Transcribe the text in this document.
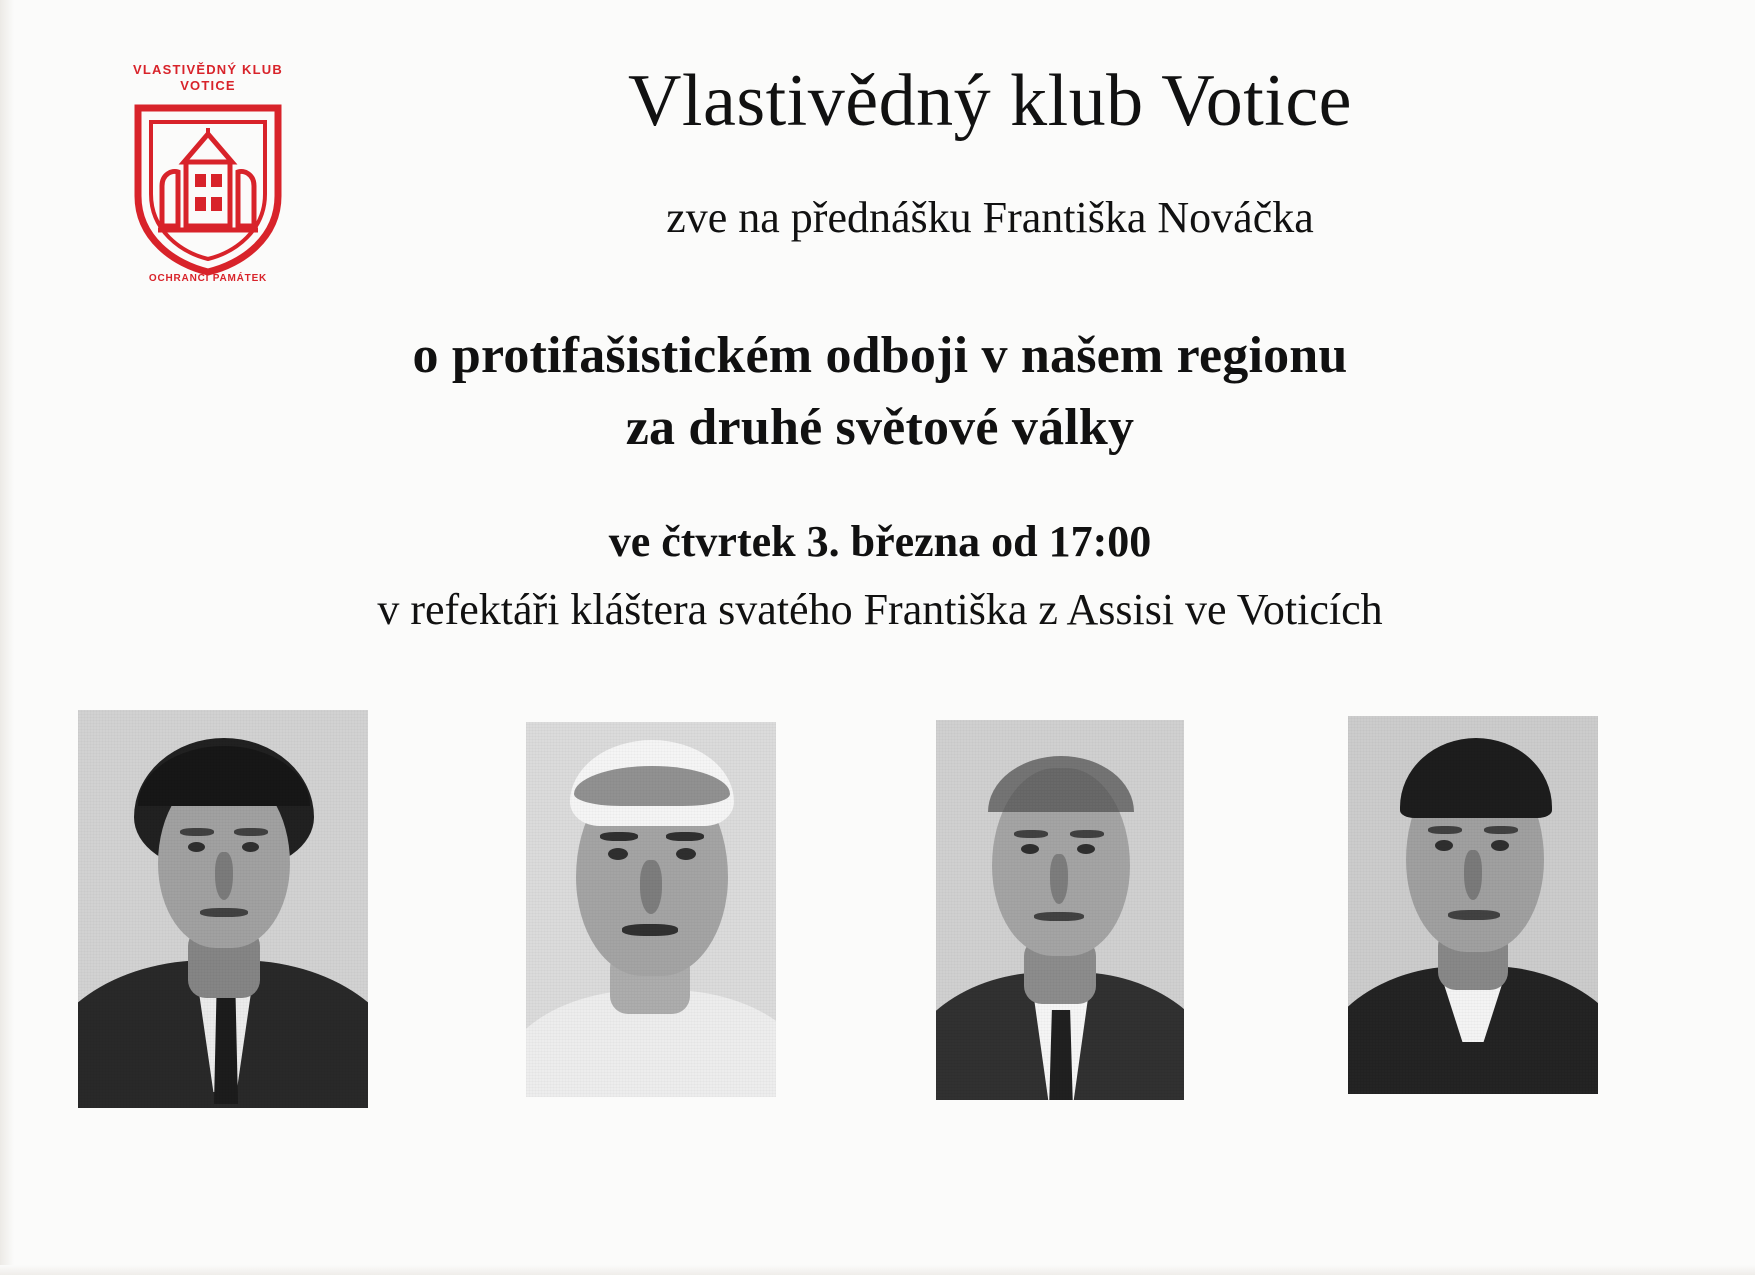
VLASTIVĚDNÝ KLUB VOTICE
OCHRANCI PAMÁTEK
Vlastivědný klub Votice
zve na přednášku Františka Nováčka
o protifašistickém odboji v našem regionu
za druhé světové války
ve čtvrtek 3. března od 17:00
v refektáři kláštera svatého Františka z Assisi ve Voticích
